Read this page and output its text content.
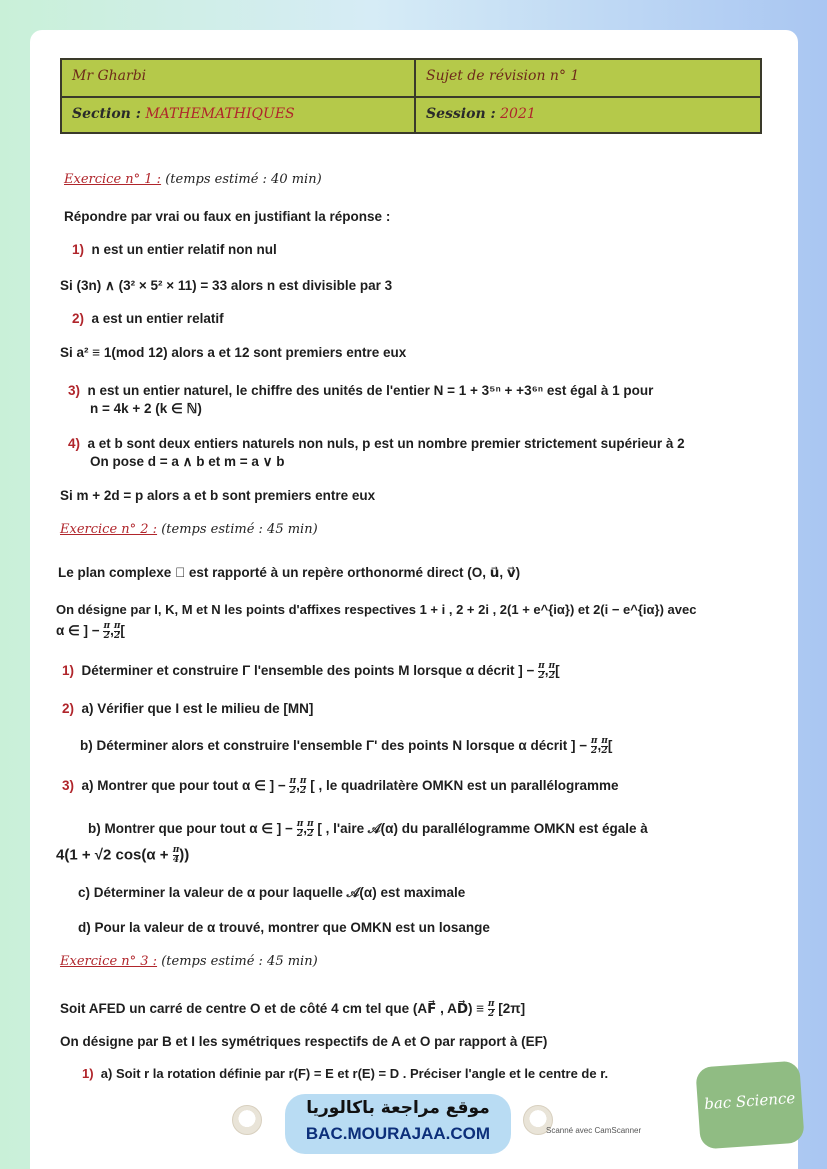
Mr Gharbi	Sujet de révision n° 1
Section : MATHEMATHIQUES	Session : 2021
Exercice n° 1 : (temps estimé : 40 min)
Répondre par vrai ou faux en justifiant la réponse :
1) n est un entier relatif non nul
Si (3n) ∧ (3² × 5² × 11) = 33 alors n est divisible par 3
2) a est un entier relatif
Si a² ≡ 1(mod 12) alors a et 12 sont premiers entre eux
3) n est un entier naturel, le chiffre des unités de l'entier N = 1 + 3⁵ⁿ + +3⁶ⁿ est égal à 1 pour
n = 4k + 2 (k ∈ ℕ)
4) a et b sont deux entiers naturels non nuls, p est un nombre premier strictement supérieur à 2
On pose d = a ∧ b et m = a ∨ b
Si m + 2d = p alors a et b sont premiers entre eux
Exercice n° 2 : (temps estimé : 45 min)
Le plan complexe 𝒫 est rapporté à un repère orthonormé direct (O, u⃗, v⃗)
On désigne par I, K, M et N les points d'affixes respectives 1 + i , 2 + 2i , 2(1 + e^{iα}) et 2(i − e^{iα}) avec
α ∈ ] − $\frac{\pi}{2}$ , $\frac{\pi}{2}$ [
1) Déterminer et construire Γ l'ensemble des points M lorsque α décrit ] − $\frac{\pi}{2}$ , $\frac{\pi}{2}$ [
2) a) Vérifier que I est le milieu de [MN]
b) Déterminer alors et construire l'ensemble Γ' des points N lorsque α décrit ] − $\frac{\pi}{2}$ , $\frac{\pi}{2}$ [
3) a) Montrer que pour tout α ∈ ] − $\frac{\pi}{2}$ , $\frac{\pi}{2}$ [ , le quadrilatère OMKN est un parallélogramme
b) Montrer que pour tout α ∈ ] − $\frac{\pi}{2}$ , $\frac{\pi}{2}$ [ , l'aire 𝒜(α) du parallélogramme OMKN est égale à
4(1 + √2 $\cos(\alpha + \frac{\pi}{4}$ ))
c) Déterminer la valeur de α pour laquelle 𝒜(α) est maximale
d) Pour la valeur de α trouvé, montrer que OMKN est un losange
Exercice n° 3 : (temps estimé : 45 min)
Soit AFED un carré de centre O et de côté 4 cm tel que (AF⃗ , AD⃗) ≡ $\frac{\pi}{2} [2\pi]$
On désigne par B et I les symétriques respectifs de A et O par rapport à (EF)
1) a) Soit r la rotation définie par r(F) = E et r(E) = D . Préciser l'angle et le centre de r.
موقع مراجعة باكالوريا
BAC.MOURAJAA.COM	Scanné avec CamScanner
bac Science
